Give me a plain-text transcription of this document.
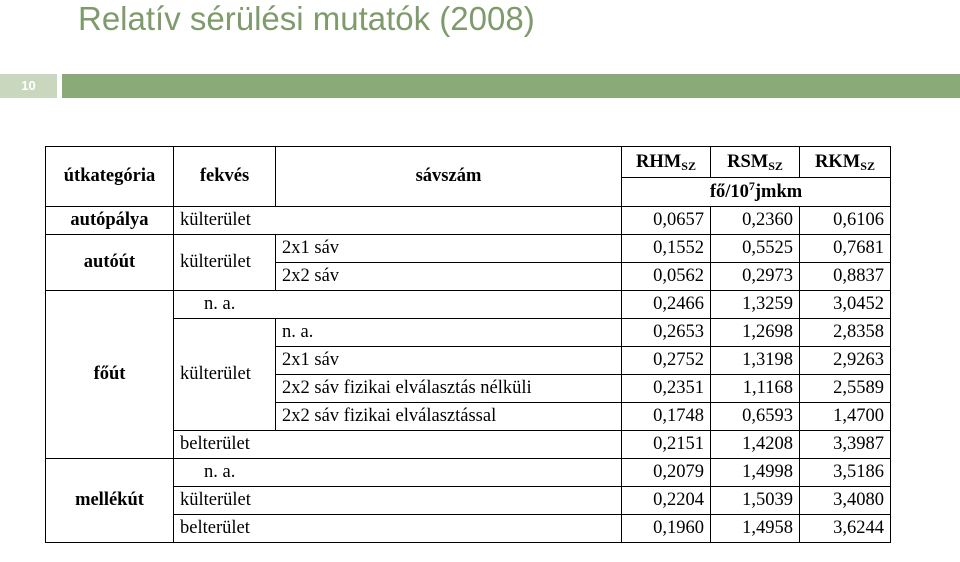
Relatív sérülési mutatók (2008)
10
útkategória	fekvés	sávszám	$RHM_{SZ}$	$RSM_{SZ}$	$RKM_{SZ}$
			$fő/10^7jmkm$		
autópálya	külterület		0,0657	0,2360	0,6106
autóút	külterület	2x1 sáv	0,1552	0,5525	0,7681
		2x2 sáv	0,0562	0,2973	0,8837
főút	n. a.		0,2466	1,3259	3,0452
	külterület	n. a.	0,2653	1,2698	2,8358
		2x1 sáv	0,2752	1,3198	2,9263
		2x2 sáv fizikai elválasztás nélküli	0,2351	1,1168	2,5589
		2x2 sáv fizikai elválasztással	0,1748	0,6593	1,4700
	belterület		0,2151	1,4208	3,3987
mellékút	n. a.		0,2079	1,4998	3,5186
	külterület		0,2204	1,5039	3,4080
	belterület		0,1960	1,4958	3,6244
